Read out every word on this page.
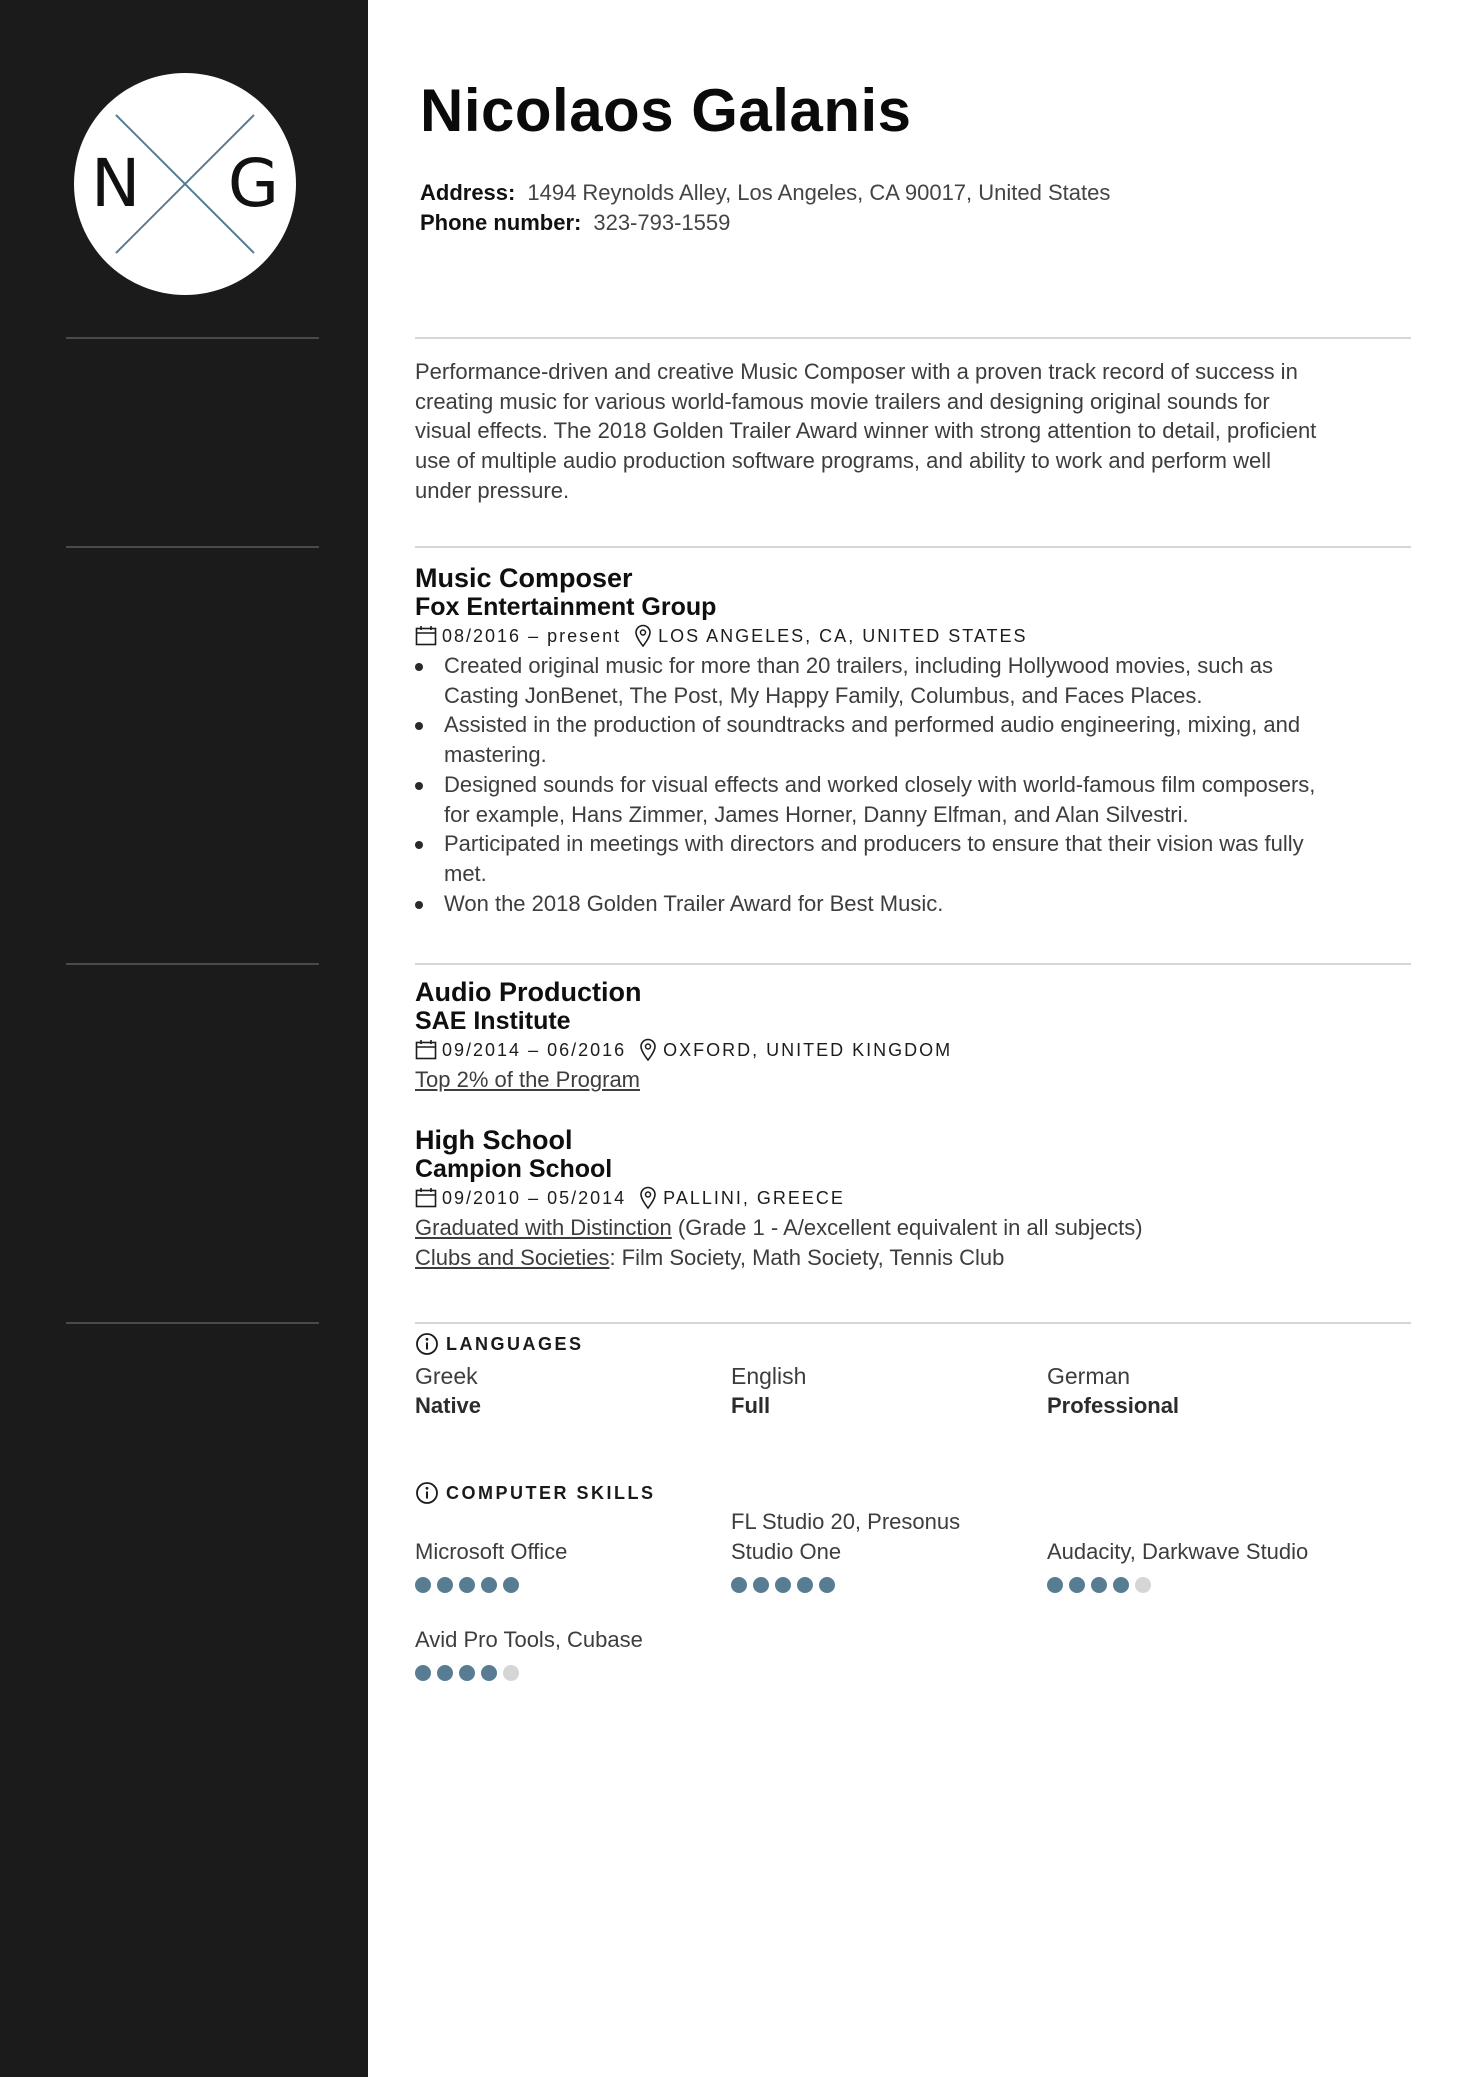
N G
Nicolaos Galanis
Address: 1494 Reynolds Alley, Los Angeles, CA 90017, United States
Phone number: 323-793-1559
Performance-driven and creative Music Composer with a proven track record of success in
creating music for various world-famous movie trailers and designing original sounds for
visual effects. The 2018 Golden Trailer Award winner with strong attention to detail, proficient
use of multiple audio production software programs, and ability to work and perform well
under pressure.
Music Composer
Fox Entertainment Group
08/2016 – present LOS ANGELES, CA, UNITED STATES
Created original music for more than 20 trailers, including Hollywood movies, such as
Casting JonBenet, The Post, My Happy Family, Columbus, and Faces Places.
Assisted in the production of soundtracks and performed audio engineering, mixing, and
mastering.
Designed sounds for visual effects and worked closely with world-famous film composers,
for example, Hans Zimmer, James Horner, Danny Elfman, and Alan Silvestri.
Participated in meetings with directors and producers to ensure that their vision was fully
met.
Won the 2018 Golden Trailer Award for Best Music.
Audio Production
SAE Institute
09/2014 – 06/2016 OXFORD, UNITED KINGDOM
Top 2% of the Program
High School
Campion School
09/2010 – 05/2014 PALLINI, GREECE
Graduated with Distinction (Grade 1 - A/excellent equivalent in all subjects)
Clubs and Societies: Film Society, Math Society, Tennis Club
LANGUAGES
Greek
Native
English
Full
German
Professional
COMPUTER SKILLS
Microsoft Office
FL Studio 20, Presonus
Studio One	Audacity, Darkwave Studio
Avid Pro Tools, Cubase
